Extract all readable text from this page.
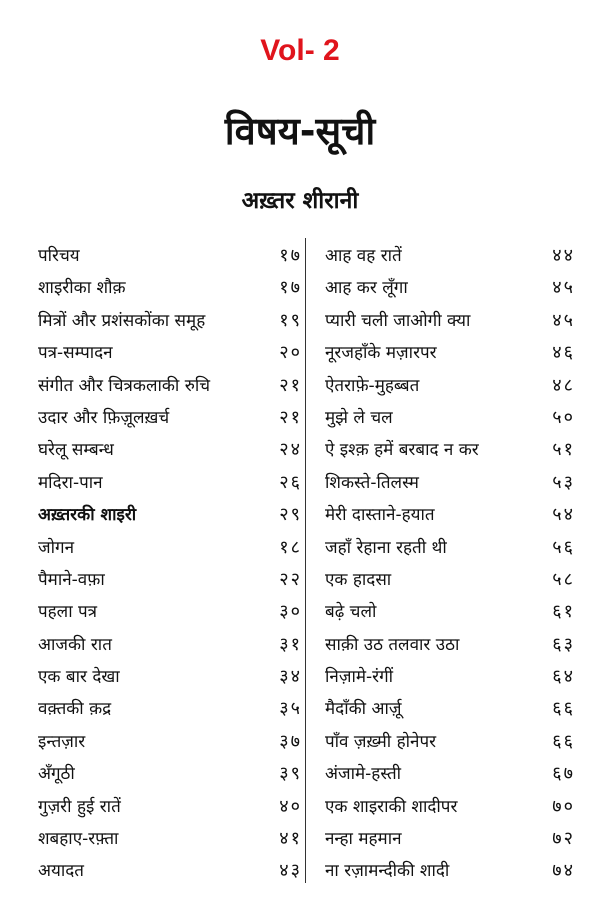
Vol- 2
विषय-सूची
अख़्तर शीरानी
परिचय	१७
शाइरीका शौक़	१७
मित्रों और प्रशंसकोंका समूह	१९
पत्र-सम्पादन	२०
संगीत और चित्रकलाकी रुचि	२१
उदार और फ़िज़ूलख़र्च	२१
घरेलू सम्बन्ध	२४
मदिरा-पान	२६
अख़्तरकी शाइरी	२९
जोगन	१८
पैमाने-वफ़ा	२२
पहला पत्र	३०
आजकी रात	३१
एक बार देखा	३४
वक़्तकी क़द्र	३५
इन्तज़ार	३७
अँगूठी	३९
गुज़री हुई रातें	४०
शबहाए-रफ़्ता	४१
अयादत	४३
आह वह रातें	४४
आह कर लूँगा	४५
प्यारी चली जाओगी क्या	४५
नूरजहाँके मज़ारपर	४६
ऐतराफ़े-मुहब्बत	४८
मुझे ले चल	५०
ऐ इश्क़ हमें बरबाद न कर	५१
शिकस्ते-तिलस्म	५३
मेरी दास्ताने-हयात	५४
जहाँ रेहाना रहती थी	५६
एक हादसा	५८
बढ़े चलो	६१
साक़ी उठ तलवार उठा	६३
निज़ामे-रंगीं	६४
मैदाँकी आर्ज़ू	६६
पाँव ज़ख़्मी होनेपर	६६
अंजामे-हस्ती	६७
एक शाइराकी शादीपर	७०
नन्हा महमान	७२
ना रज़ामन्दीकी शादी	७४
